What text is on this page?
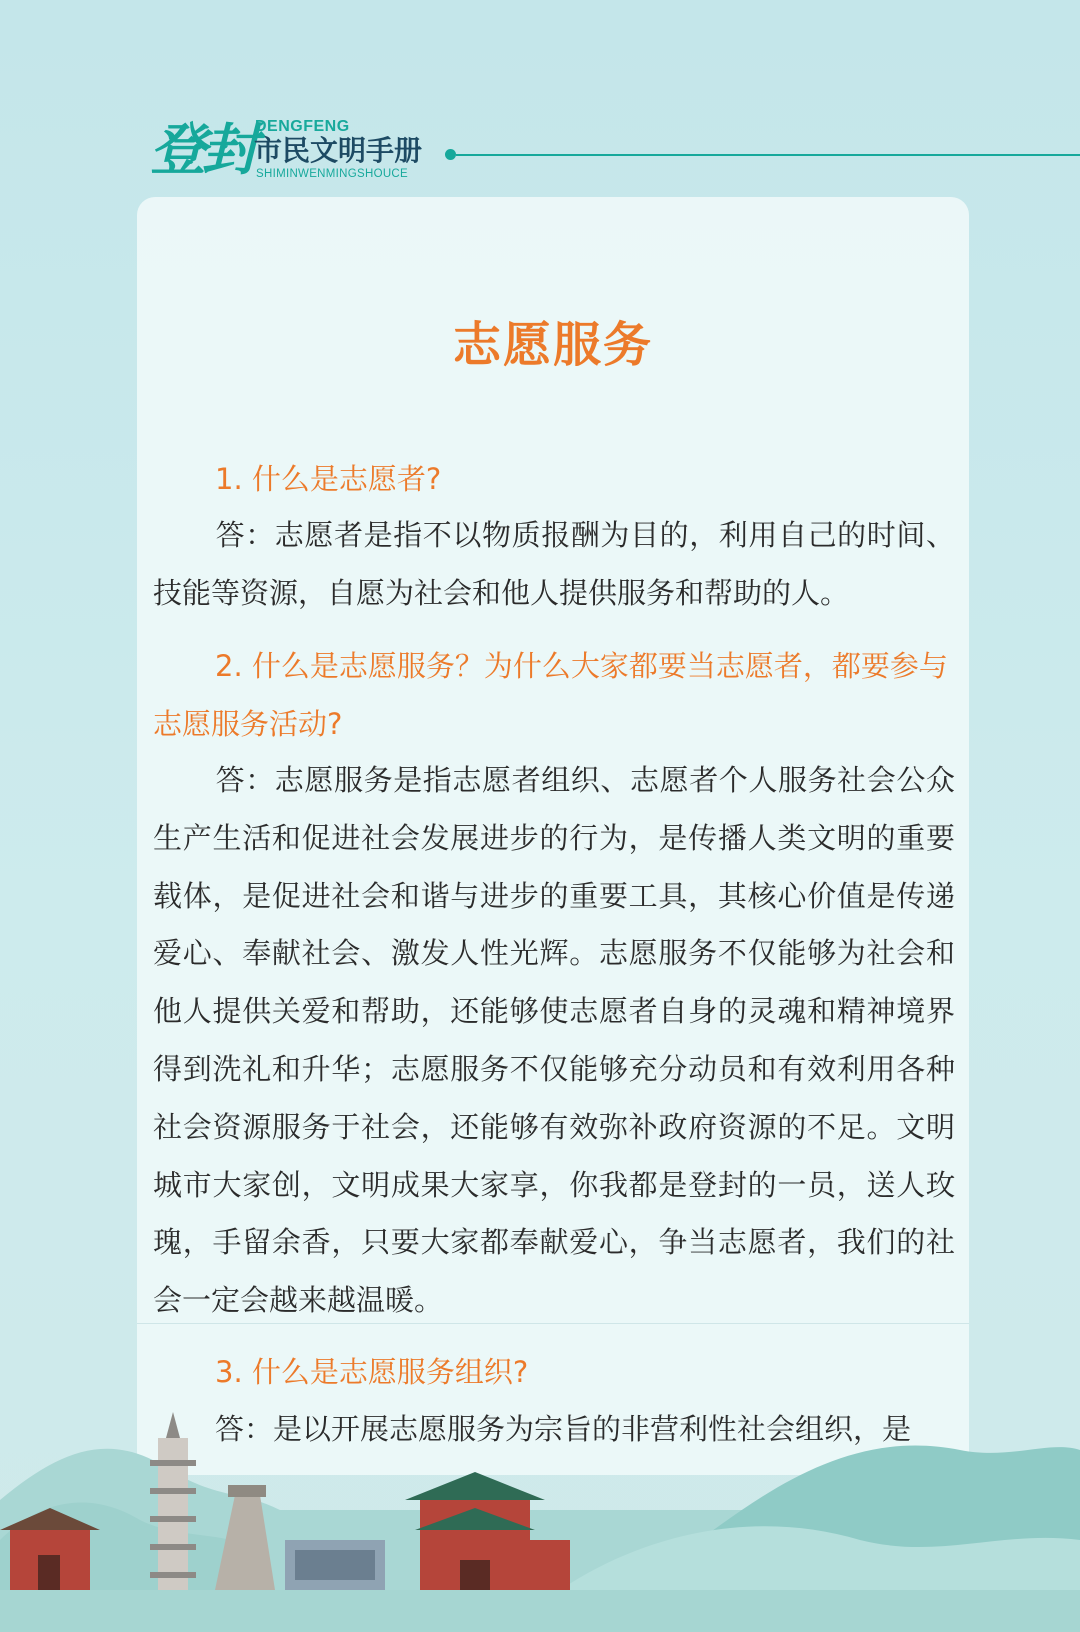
登封 DENGFENG
市民文明手册
SHIMINWENMINGSHOUCE
志愿服务

1. 什么是志愿者?

答：志愿者是指不以物质报酬为目的，利用自己的时间、技能等资源，自愿为社会和他人提供服务和帮助的人。

2. 什么是志愿服务？为什么大家都要当志愿者，都要参与志愿服务活动?

答：志愿服务是指志愿者组织、志愿者个人服务社会公众生产生活和促进社会发展进步的行为，是传播人类文明的重要载体，是促进社会和谐与进步的重要工具，其核心价值是传递爱心、奉献社会、激发人性光辉。志愿服务不仅能够为社会和他人提供关爱和帮助，还能够使志愿者自身的灵魂和精神境界得到洗礼和升华；志愿服务不仅能够充分动员和有效利用各种社会资源服务于社会，还能够有效弥补政府资源的不足。文明城市大家创，文明成果大家享，你我都是登封的一员，送人玫瑰，手留余香，只要大家都奉献爱心，争当志愿者，我们的社会一定会越来越温暖。

3. 什么是志愿服务组织?

答：是以开展志愿服务为宗旨的非营利性社会组织，是
